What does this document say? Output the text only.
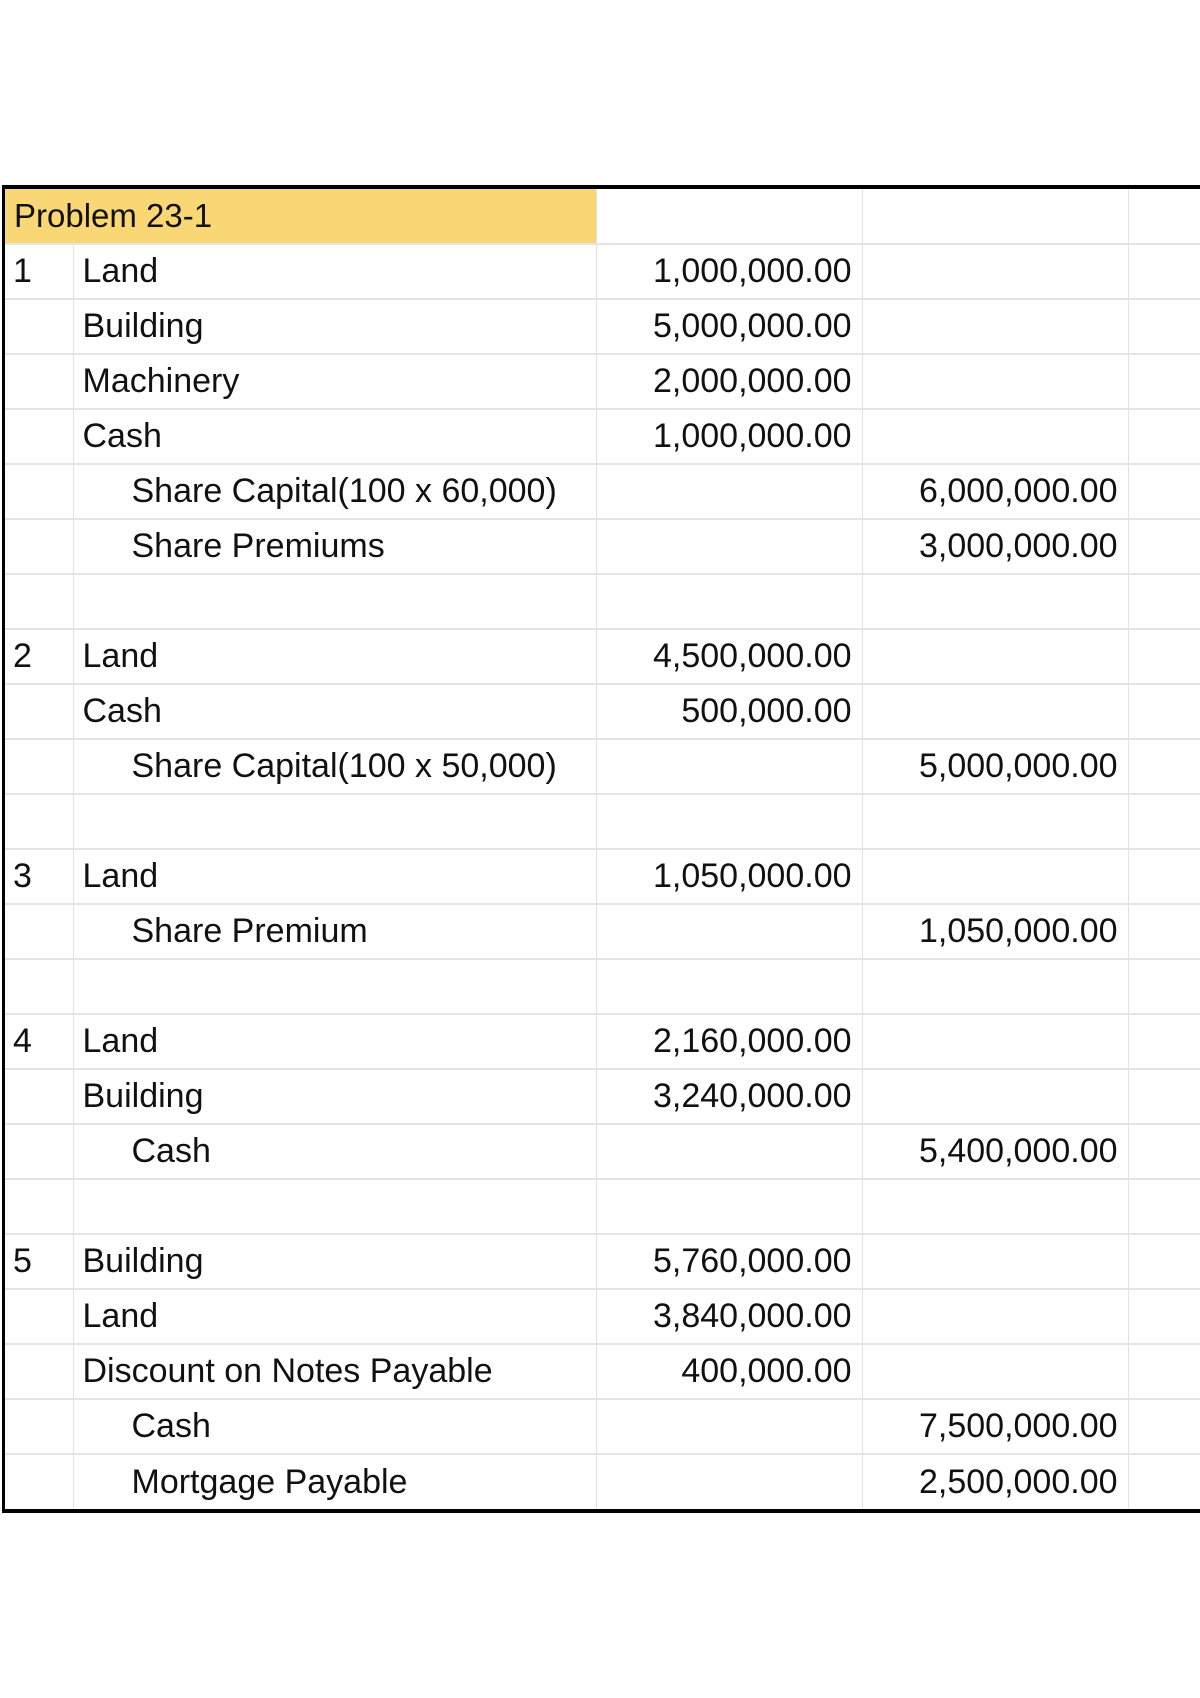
Problem 23-1				
1	Land	1,000,000.00		
	Building	5,000,000.00		
	Machinery	2,000,000.00		
	Cash	1,000,000.00		
	Share Capital(100 x 60,000)		6,000,000.00	
	Share Premiums		3,000,000.00	

2	Land	4,500,000.00		
	Cash	500,000.00		
	Share Capital(100 x 50,000)		5,000,000.00	

3	Land	1,050,000.00		
	Share Premium		1,050,000.00	

4	Land	2,160,000.00		
	Building	3,240,000.00		
	Cash		5,400,000.00	

5	Building	5,760,000.00		
	Land	3,840,000.00		
	Discount on Notes Payable	400,000.00		
	Cash		7,500,000.00	
	Mortgage Payable		2,500,000.00	
